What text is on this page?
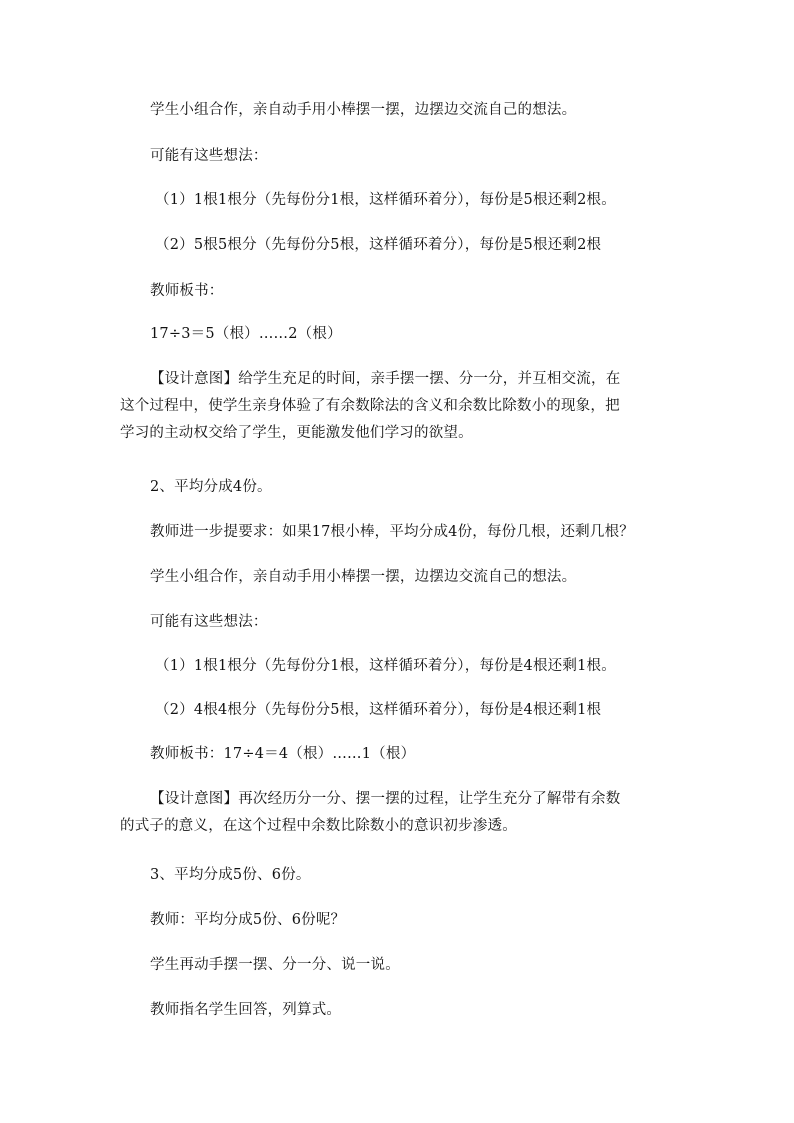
学生小组合作，亲自动手用小棒摆一摆，边摆边交流自己的想法。
可能有这些想法：
（1）1根1根分（先每份分1根，这样循环着分），每份是5根还剩2根。
（2）5根5根分（先每份分5根，这样循环着分），每份是5根还剩2根
教师板书：
17÷3＝5（根）……2（根）
【设计意图】给学生充足的时间，亲手摆一摆、分一分，并互相交流，在
这个过程中，使学生亲身体验了有余数除法的含义和余数比除数小的现象，把
学习的主动权交给了学生，更能激发他们学习的欲望。
2、平均分成4份。
教师进一步提要求：如果17根小棒，平均分成4份，每份几根，还剩几根？
学生小组合作，亲自动手用小棒摆一摆，边摆边交流自己的想法。
可能有这些想法：
（1）1根1根分（先每份分1根，这样循环着分），每份是4根还剩1根。
（2）4根4根分（先每份分5根，这样循环着分），每份是4根还剩1根
教师板书：17÷4＝4（根）……1（根）
【设计意图】再次经历分一分、摆一摆的过程，让学生充分了解带有余数
的式子的意义，在这个过程中余数比除数小的意识初步渗透。
3、平均分成5份、6份。
教师：平均分成5份、6份呢？
学生再动手摆一摆、分一分、说一说。
教师指名学生回答，列算式。
